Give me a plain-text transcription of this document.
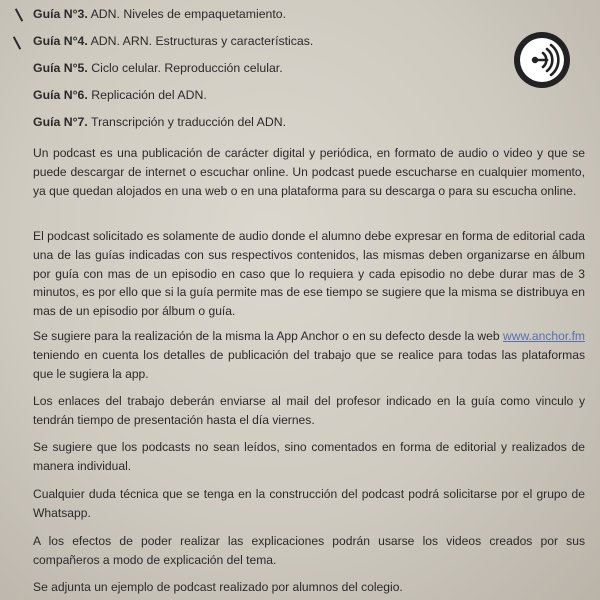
Guía N°3. ADN. Niveles de empaquetamiento.
Guía N°4. ADN. ARN. Estructuras y características.
Guía N°5. Ciclo celular. Reproducción celular.
Guía N°6. Replicación del ADN.
Guía N°7. Transcripción y traducción del ADN.

Un podcast es una publicación de carácter digital y periódica, en formato de audio o video y que se puede descargar de internet o escuchar online. Un podcast puede escucharse en cualquier momento, ya que quedan alojados en una web o en una plataforma para su descarga o para su escucha online.

El podcast solicitado es solamente de audio donde el alumno debe expresar en forma de editorial cada una de las guías indicadas con sus respectivos contenidos, las mismas deben organizarse en álbum por guía con mas de un episodio en caso que lo requiera y cada episodio no debe durar mas de 3 minutos, es por ello que si la guía permite mas de ese tiempo se sugiere que la misma se distribuya en mas de un episodio por álbum o guía.

Se sugiere para la realización de la misma la App Anchor o en su defecto desde la web www.anchor.fm teniendo en cuenta los detalles de publicación del trabajo que se realice para todas las plataformas que le sugiera la app.

Los enlaces del trabajo deberán enviarse al mail del profesor indicado en la guía como vinculo y tendrán tiempo de presentación hasta el día viernes.

Se sugiere que los podcasts no sean leídos, sino comentados en forma de editorial y realizados de manera individual.

Cualquier duda técnica que se tenga en la construcción del podcast podrá solicitarse por el grupo de Whatsapp.

A los efectos de poder realizar las explicaciones podrán usarse los videos creados por sus compañeros a modo de explicación del tema.

Se adjunta un ejemplo de podcast realizado por alumnos del colegio.
